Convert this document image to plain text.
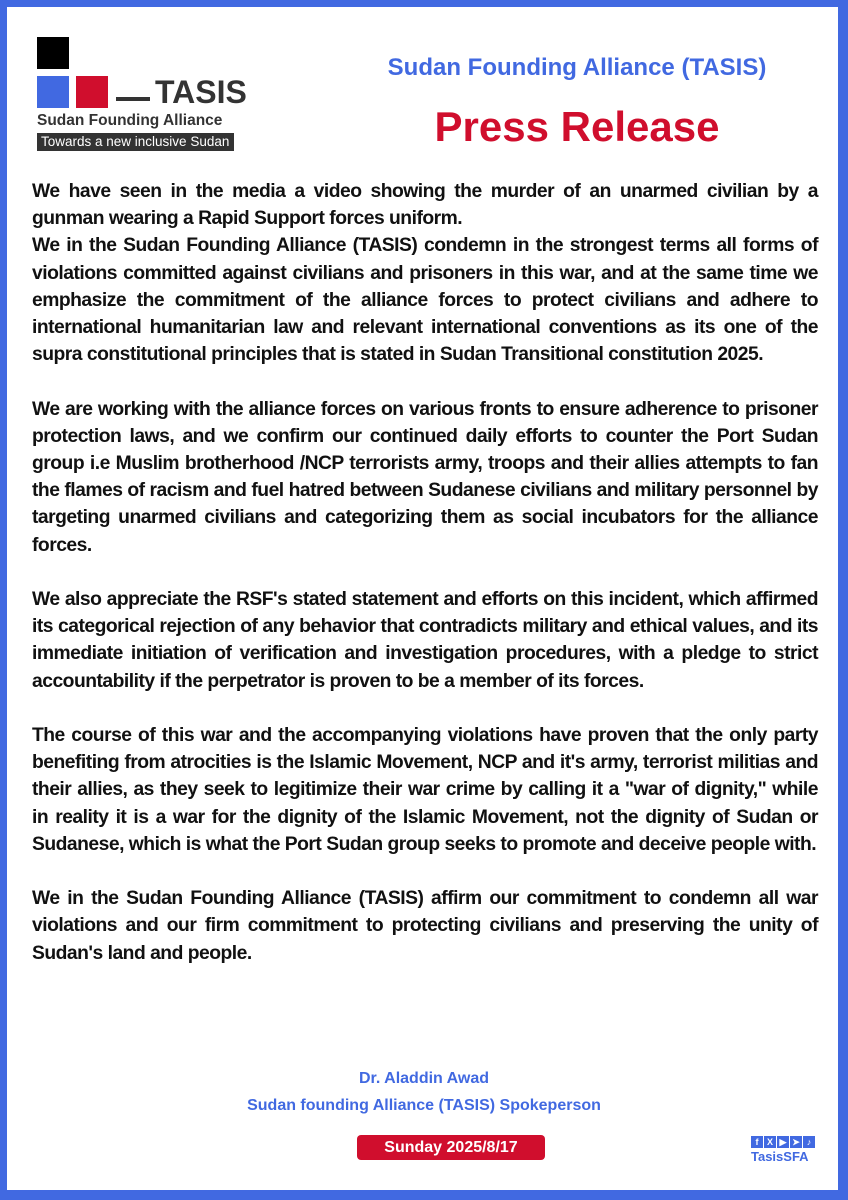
TASIS
Sudan Founding Alliance
Towards a new inclusive Sudan
Sudan Founding Alliance (TASIS)
Press Release

We have seen in the media a video showing the murder of an unarmed civilian by a gunman wearing a Rapid Support forces uniform.

We in the Sudan Founding Alliance (TASIS) condemn in the strongest terms all forms of violations committed against civilians and prisoners in this war, and at the same time we emphasize the commitment of the alliance forces to protect civilians and adhere to international humanitarian law and relevant international conventions as its one of the supra constitutional principles that is stated in Sudan Transitional constitution 2025.

We are working with the alliance forces on various fronts to ensure adherence to prisoner protection laws, and we confirm our continued daily efforts to counter the Port Sudan group i.e Muslim brotherhood /NCP terrorists army, troops and their allies attempts to fan the flames of racism and fuel hatred between Sudanese civilians and military personnel by targeting unarmed civilians and categorizing them as social incubators for the alliance forces.

We also appreciate the RSF's stated statement and efforts on this incident, which affirmed its categorical rejection of any behavior that contradicts military and ethical values, and its immediate initiation of verification and investigation procedures, with a pledge to strict accountability if the perpetrator is proven to be a member of its forces.

The course of this war and the accompanying violations have proven that the only party benefiting from atrocities is the Islamic Movement, NCP and it's army, terrorist militias and their allies, as they seek to legitimize their war crime by calling it a "war of dignity," while in reality it is a war for the dignity of the Islamic Movement, not the dignity of Sudan or Sudanese, which is what the Port Sudan group seeks to promote and deceive people with.

We in the Sudan Founding Alliance (TASIS) affirm our commitment to condemn all war violations and our firm commitment to protecting civilians and preserving the unity of Sudan's land and people.

Dr. Aladdin Awad
Sudan founding Alliance (TASIS) Spokeperson
Sunday 2025/8/17	f X ▶ ➤ ♪
TasisSFA
